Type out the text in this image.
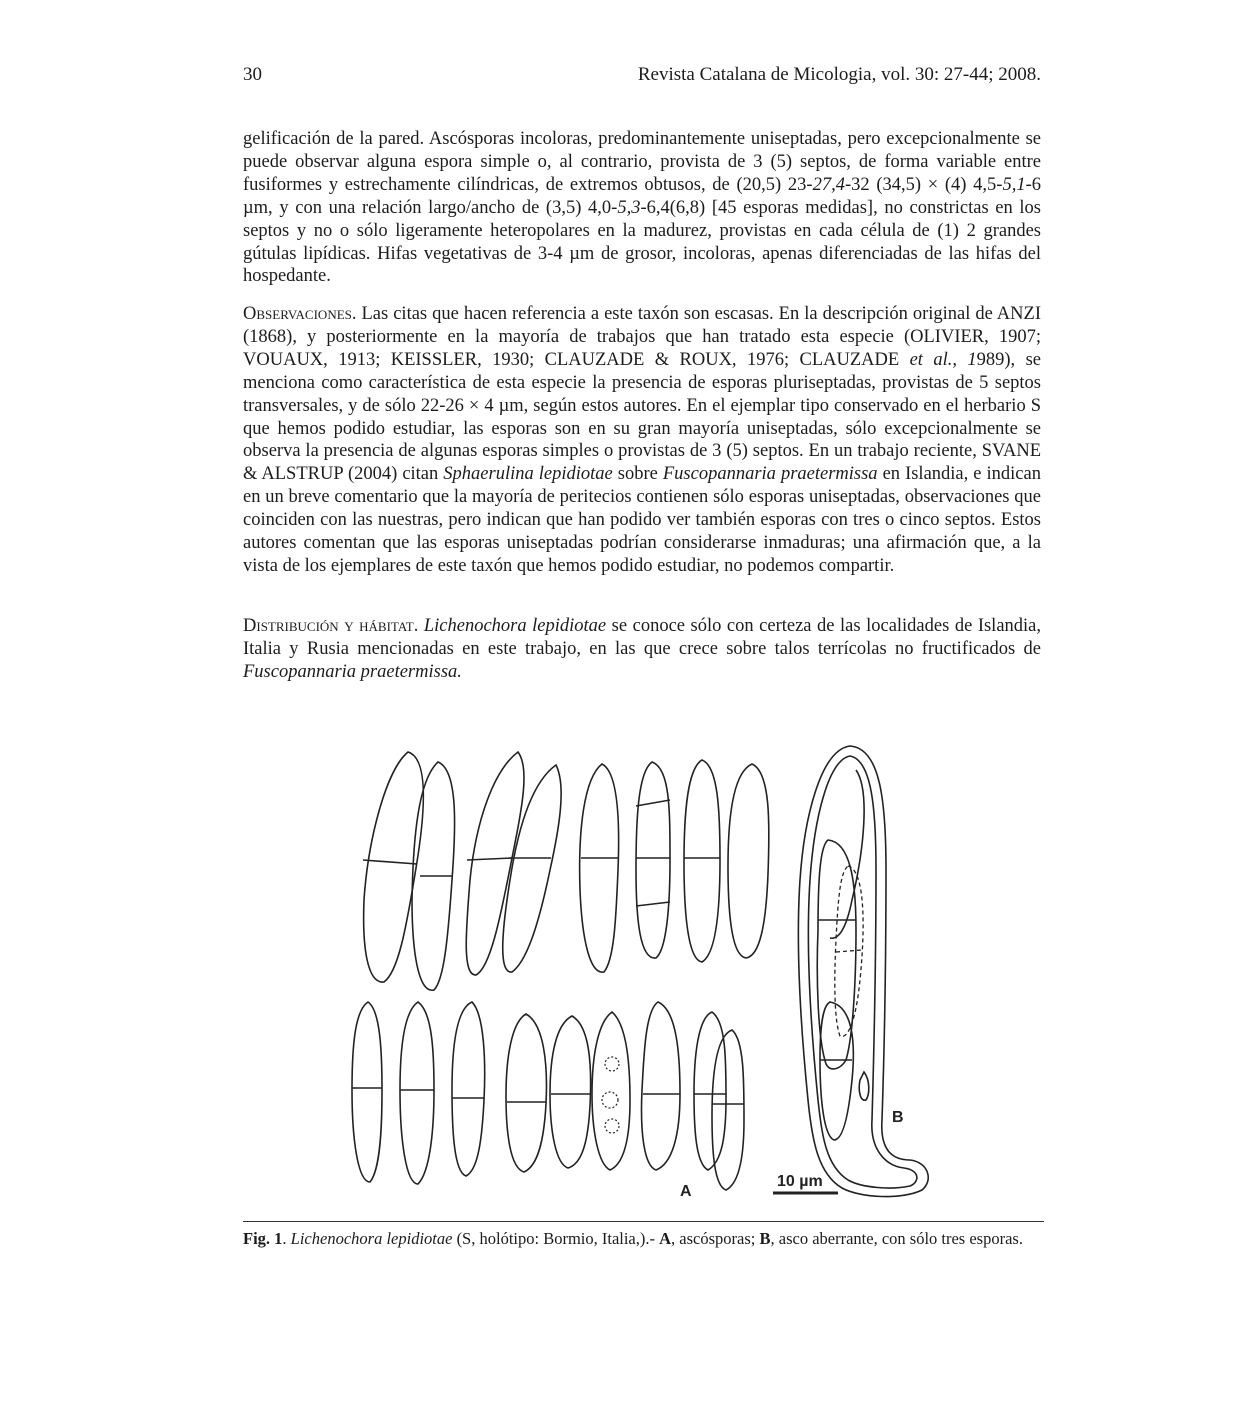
30	Revista Catalana de Micologia, vol. 30: 27-44; 2008.
gelificación de la pared. Ascósporas incoloras, predominantemente uniseptadas, pero excepcionalmente se puede observar alguna espora simple o, al contrario, provista de 3 (5) septos, de forma variable entre fusiformes y estrechamente cilíndricas, de extremos obtusos, de (20,5) 23-27,4-32 (34,5) × (4) 4,5-5,1-6 µm, y con una relación largo/ancho de (3,5) 4,0-5,3-6,4(6,8) [45 esporas medidas], no constrictas en los septos y no o sólo ligeramente heteropolares en la madurez, provistas en cada célula de (1) 2 grandes gútulas lipídicas. Hifas vegetativas de 3-4 µm de grosor, incoloras, apenas diferenciadas de las hifas del hospedante.
Observaciones. Las citas que hacen referencia a este taxón son escasas. En la descripción original de ANZI (1868), y posteriormente en la mayoría de trabajos que han tratado esta especie (OLIVIER, 1907; VOUAUX, 1913; KEISSLER, 1930; CLAUZADE & ROUX, 1976; CLAUZADE et al., 1989), se menciona como característica de esta especie la presencia de esporas pluriseptadas, provistas de 5 septos transversales, y de sólo 22-26 × 4 µm, según estos autores. En el ejemplar tipo conservado en el herbario S que hemos podido estudiar, las esporas son en su gran mayoría uniseptadas, sólo excepcionalmente se observa la presencia de algunas esporas simples o provistas de 3 (5) septos. En un trabajo reciente, SVANE & ALSTRUP (2004) citan Sphaerulina lepidiotae sobre Fuscopannaria praetermissa en Islandia, e indican en un breve comentario que la mayoría de peritecios contienen sólo esporas uniseptadas, observaciones que coinciden con las nuestras, pero indican que han podido ver también esporas con tres o cinco septos. Estos autores comentan que las esporas uniseptadas podrían considerarse inmaduras; una afirmación que, a la vista de los ejemplares de este taxón que hemos podido estudiar, no podemos compartir.
Distribución y hábitat. Lichenochora lepidiotae se conoce sólo con certeza de las localidades de Islandia, Italia y Rusia mencionadas en este trabajo, en las que crece sobre talos terrícolas no fructificados de Fuscopannaria praetermissa.
A
B
10 µm
Fig. 1. Lichenochora lepidiotae (S, holótipo: Bormio, Italia,).- A, ascósporas; B, asco aberrante, con sólo tres esporas.
